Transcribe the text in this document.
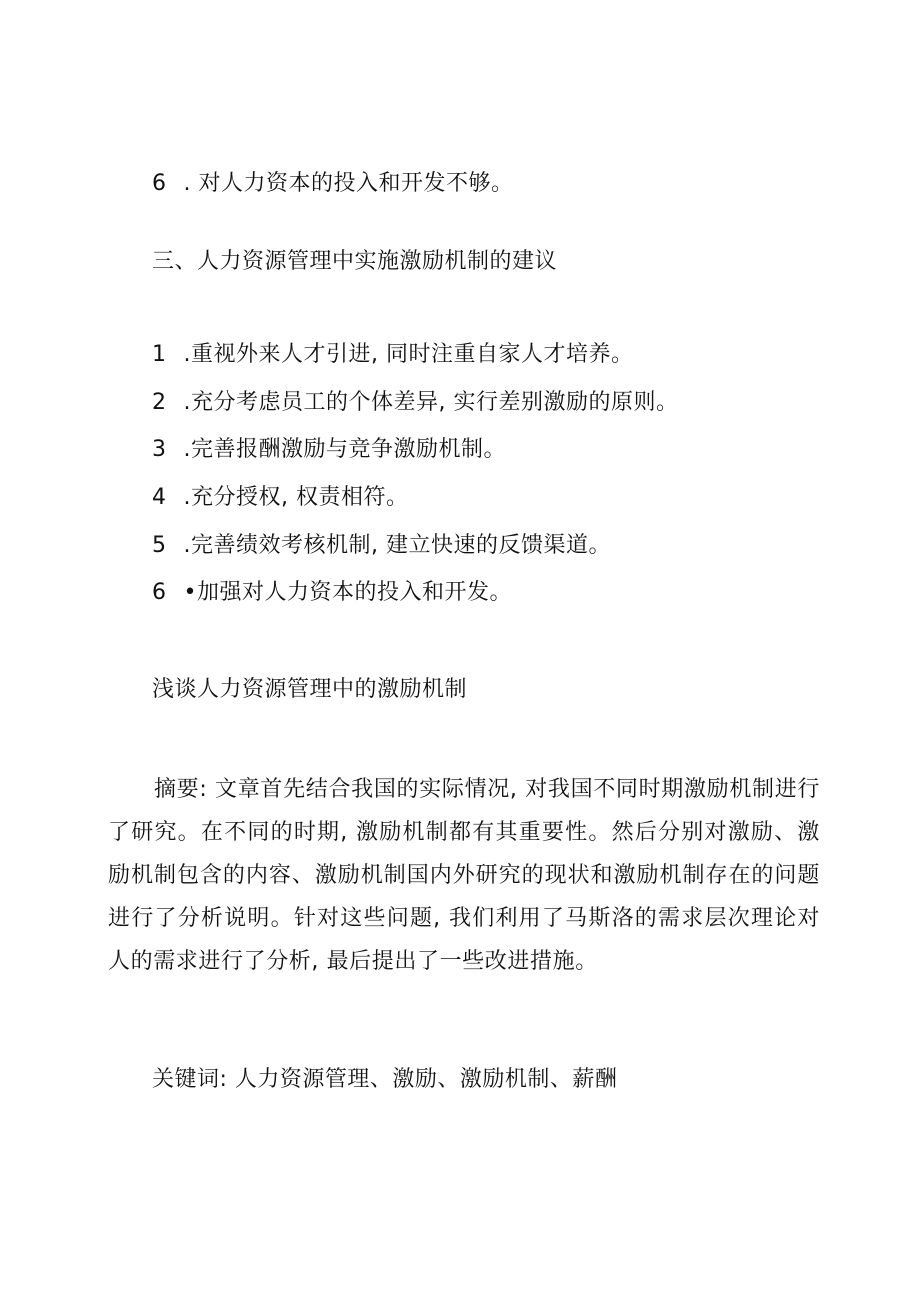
6 . 对人力资本的投入和开发不够。
三、人力资源管理中实施激励机制的建议
1 .重视外来人才引进, 同时注重自家人才培养。
2 .充分考虑员工的个体差异, 实行差别激励的原则。
3 .完善报酬激励与竞争激励机制。
4 .充分授权, 权责相符。
5 .完善绩效考核机制, 建立快速的反馈渠道。
6 •加强对人力资本的投入和开发。
浅谈人力资源管理中的激励机制
摘要: 文章首先结合我国的实际情况, 对我国不同时期激励机制进行了研究。在不同的时期, 激励机制都有其重要性。然后分别对激励、激励机制包含的内容、激励机制国内外研究的现状和激励机制存在的问题进行了分析说明。针对这些问题, 我们利用了马斯洛的需求层次理论对人的需求进行了分析, 最后提出了一些改进措施。
关键词: 人力资源管理、激励、激励机制、薪酬
